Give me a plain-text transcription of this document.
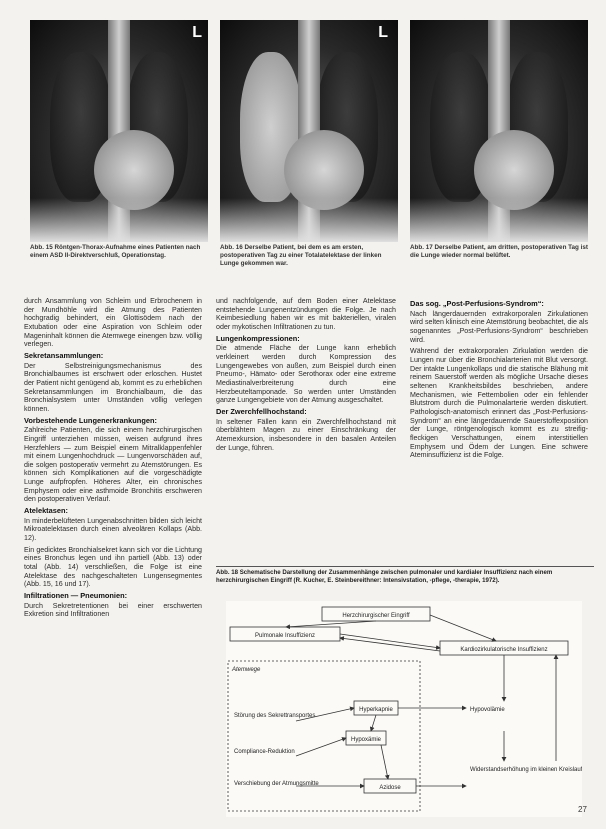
L	L
Abb. 15 Röntgen-Thorax-Aufnahme eines Patienten nach einem ASD II-Direktverschluß, Operationstag.
Abb. 16 Derselbe Patient, bei dem es am ersten, postoperativen Tag zu einer Totalatelektase der linken Lunge gekommen war.
Abb. 17 Derselbe Patient, am dritten, postoperativen Tag ist die Lunge wieder normal belüftet.

durch Ansammlung von Schleim und Erbrochenem in der Mundhöhle wird die Atmung des Patienten hochgradig behindert, ein Glottisödem nach der Extubation oder eine Aspiration von Schleim oder Mageninhalt können die Atemwege einengen bzw. völlig verlegen.

Sekretansammlungen:

Der Selbstreinigungsmechanismus des Bronchialbaumes ist erschwert oder erloschen. Hustet der Patient nicht genügend ab, kommt es zu erheblichen Sekretansammlungen im Bronchialbaum, die das Bronchialsystem unter Umständen völlig verlegen können.

Vorbestehende Lungenerkrankungen:

Zahlreiche Patienten, die sich einem herzchirurgischen Eingriff unterziehen müssen, weisen aufgrund ihres Herzfehlers — zum Beispiel einem Mitralklappenfehler mit einem Lungenhochdruck — Lungenvorschäden auf, die solgen postoperativ vermehrt zu Atemstörungen. Es können sich Komplikationen auf die vorgeschädigte Lunge aufpfropfen. Höheres Alter, ein chronisches Emphysem oder eine asthmoide Bronchitis erschweren den postoperativen Verlauf.

Atelektasen:

In minderbelüfteten Lungenabschnitten bilden sich leicht Mikroatelektasen durch einen alveolären Kollaps (Abb. 12).

Ein gedicktes Bronchialsekret kann sich vor die Lichtung eines Bronchus legen und ihn partiell (Abb. 13) oder total (Abb. 14) verschließen, die Folge ist eine Atelektase des nachgeschalteten Lungensegmentes (Abb. 15, 16 und 17).

Infiltrationen — Pneumonien:

Durch Sekretretentionen bei einer erschwerten Exkretion sind Infiltrationen

und nachfolgende, auf dem Boden einer Atelektase entstehende Lungenentzündungen die Folge. Je nach Keimbesiedlung haben wir es mit bakteriellen, viralen oder mykotischen Infiltrationen zu tun.

Lungenkompressionen:

Die atmende Fläche der Lunge kann erheblich verkleinert werden durch Kompression des Lungengewebes von außen, zum Beispiel durch einen Pneumo-, Hämato- oder Serothorax oder eine extreme Mediastinalverbreiterung durch eine Herzbeuteltamponade. So werden unter Umständen ganze Lungengebiete von der Atmung ausgeschaltet.

Der Zwerchfellhochstand:

In seltener Fällen kann ein Zwerchfellhochstand mit überblähtem Magen zu einer Einschränkung der Atemexkursion, insbesondere in den basalen Anteilen der Lunge, führen.

Das sog. „Post-Perfusions-Syndrom“:

Nach längerdauernden extrakorporalen Zirkulationen wird selten klinisch eine Atemstörung beobachtet, die als sogenanntes „Post-Perfusions-Syndrom“ beschrieben wird.

Während der extrakorporalen Zirkulation werden die Lungen nur über die Bronchialarterien mit Blut versorgt. Der intakte Lungenkollaps und die statische Blähung mit reinem Sauerstoff werden als mögliche Ursache dieses seltenen Krankheitsbildes beschrieben, andere Mechanismen, wie Fettembolien oder ein fehlender Blutstrom durch die Pulmonalarterie werden diskutiert. Pathologisch-anatomisch erinnert das „Post-Perfusions-Syndrom“ an eine längerdauernde Sauerstoffexposition der Lunge, röntgenologisch kommt es zu streifig-fleckigen Verschattungen, einem interstitiellen Emphysem und Ödem der Lungen. Eine schwere Ateminsuffizienz ist die Folge.

Abb. 18 Schematische Darstellung der Zusammenhänge zwischen pulmonaler und kardialer Insuffizienz nach einem herzchirurgischen Eingriff (R. Kucher, E. Steinbereithner: Intensivstation, -pflege, -therapie, 1972).
Herzchirurgischer Eingriff
Pulmonale Insuffizienz
Kardiozirkulatorische Insuffizienz
Atemwege
Störung des Sekrettransportes
Compliance-Reduktion
Verschiebung der Atmungsmitte
Hyperkapnie
Hypoxämie
Azidose
Hypovolämie
Widerstandserhöhung im kleinen Kreislauf
27
